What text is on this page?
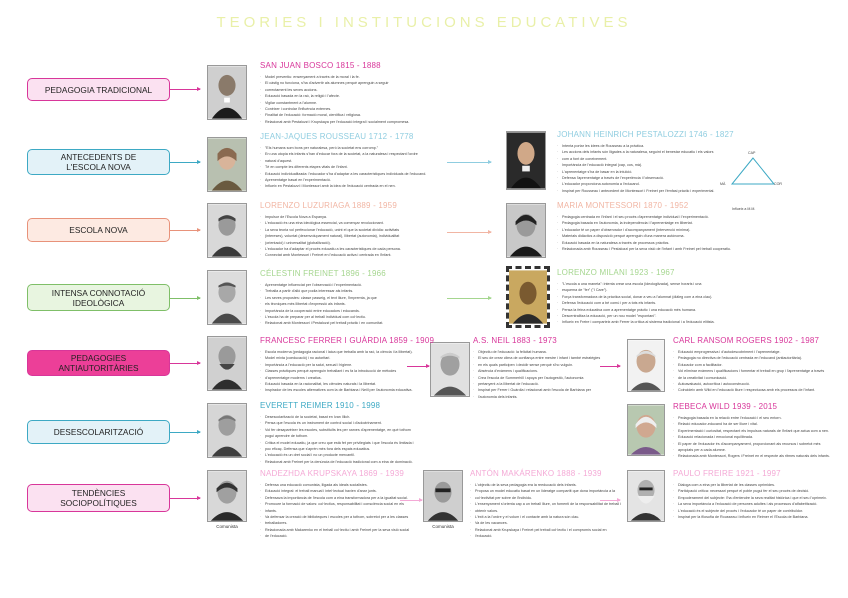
TEORIES I INSTITUCIONS EDUCATIVES
PEDAGOGIA TRADICIONAL
ANTECEDENTS DE L'ESCOLA NOVA
ESCOLA NOVA
INTENSA CONNOTACIÓ IDEOLÒGICA
PEDAGOGIES ANTIAUTORITÀRIES
DESESCOLARITZACIÓ
TENDÈNCIES SOCIOPOLÍTIQUES
Comunista	Comunista
SAN JUAN BOSCO 1815 - 1888
· Model preventiu: ensenyament a través de la moral i la fe.
· El càstig no funciona, s'ha d'advertir als alumnes perquè aprenguin a seguir
· correctament les seves accions.
· Educació basada en la raó, la religió i l'afecte.
· Vigilar constantment a l'alumne.
· Conèixer i controlar l'influència externes.
· Finalitat de l'educació: formació moral, científica i religiosa.
· Relacionat amb Pestalozzi i Krupskaya per l'educació integral i socialment compromesa.
JEAN-JAQUES ROUSSEAU 1712 - 1778
· "Els humans som bons per naturalesa, però la societat ens corromp."
· En una utopia els infants s'han d'educar fora de la societat, a la naturalesa i respectant l'ordre
· natural d'aquest.
· Té en compte les diferents etapes vitals de l'infant.
· Educació individualitzada: l'educador s'ha d'adaptar a les característiques individuals de l'educand.
· Aprenentatge basat en l'experimentació.
· Influeix en Pestalozzi i Montessori amb la idea de l'educació centrada en el nen.
JOHANN HEINRICH PESTALOZZI 1746 - 1827
· Intenta portar les idees de Rousseau a la pràctica.
· Les accions dels infants són lligades a la naturalesa, seguint el benestar educatiu i els valors
· com a font de coneixement.
· Importància de l'educació integral (cap, cos, mà).
· L'aprenentatge s'ha de basar en la intuïció.
· Defensa l'aprenentatge a través de l'experiència i l'observació.
· L'educador proporciona autonomia a l'educand.
· Inspirat per Rousseau i antecedent de Montessori i Freinet per l'èmfasi pràctic i experimental.
LORENZO LUZURIAGA 1889 - 1959
· Impulsor de l'Escola Nova a Espanya.
· L'educació és una eina ideològica essencial, va començar revolucionant.
· La seva teoria vol perfeccionar l'educació, unint el que la societat dividia: activitats
· (intereses), voluntat (desenvolupament natural), llibertat (autonomia), individualitat
· (orientació) i universalitat (globalització).
· L'educador ha d'adaptar el procés educatiu a les característiques de cada persona.
· Connectat amb Montessori i Freinet en l'educació activa i centrada en l'infant.
MARIA MONTESSORI 1870 - 1952
· Pedagogia centrada en l'infant i el seu procés d'aprenentatge individual i l'experimentació.
· Pedagogia basada en l'autonomia, la independència i l'aprenentatge en llibertat.
· L'educador té un paper d'observador i d'acompanyament (intervenció mínima).
· Materials didàctics a disposició perquè aprenguin d'una manera autònoma.
· Educació basada en la naturalesa a través de processos pràctics.
· Relacionada amb Rousseau i Pestalozzi per la seva visió de l'infant i amb Freinet pel treball cooperatiu.
CÉLESTIN FREINET 1896 - 1966
· Aprenentatge influenciat per l'observació i l'experimentació.
· Treballa a partir d'allò que podia interessar als infants.
· Les seves propostes: classe passeig, el text lliure, l'impremta, ja que
· els tècniques més llibertat d'expressió als infants.
· Importància de la cooperació entre educadors i educands.
· L'escola ha de preparar per al treball individual com col·lectiu.
· Relacionat amb Montessori i Pestalozzi pel treball pràctic i en comunitat.
LORENZO MILANI 1923 - 1967
· "L'escola a una maneta": intenta crear una escola (ideologitzada), sense horaris i una
· esquema de "fer" ("I Care").
· Força transformadora de la pràctica social, donar a veu a l'alumnat (diàleg com a eina clau).
· Defensa l'educació com a bé comú i per a tots els infants.
· Pensa la feina educativa com a aprenentatge pràctic i una educació més humana.
· Descentralitza la educació, per un nou model "espontani".
· Influeix en Freire i comparteix amb Ferrer la crítica al sistema tradicional i a l'educació elitista.
FRANCESC FERRER I GUÀRDIA 1859 - 1909
· Escola moderna (pedagogia racional i laica que treballa amb la raó, la ciència i la llibertat).
· Model mixta (coeducació) i no autoritari.
· Importància a l'educació per la salut, sexual i higiene.
· Classes pràctiques perquè aprenguin treballant i es fa la introducció de mètodes
· d'aprenentatge moderns i creatius.
· Educació basada en la racionalitat, les ciències naturals i la llibertat.
· Inspirador de les escoles alternatives com la de Barbiana i Neill per l'autonomia educativa.
A.S. NEIL 1883 - 1973
· Objectiu de l'educació: la felicitat humana.
· El seu de crear clima de confiança entre mestre i infant i també estratègies
· en els quals participen i decidir sense perquè s'ho vulguin.
· Absència d'exàmens i qualificacions.
· Crea l'escola de Summerhill i apoya per l'autogestió, l'autonomia
· pertanyent a la llibertat de l'educació.
· Inspirat per Ferrer i Guàrdia i relacionat amb l'escola de Barbiana per
· l'autonomia dels infants.
CARL RANSOM ROGERS 1902 - 1987
· Educació emprogressiva i d'autodescobriment i l'aprenentatge.
· Pedagogia no directiva de l'educació centrada en l'educand (antiautoritària).
· Educador com a facilitador.
· Vol eliminar exàmens i qualificacions i fomentar el treball en grup i l'aprenentatge a través
· de la creativitat i comunicació.
· Autoavaluació, autocrítica i autoconstrucció.
· Coincideix amb Wild en l'educació lliure i respectuosa amb els processos de l'infant.
REBECA WILD 1939 - 2015
· Pedagogia basada en la relació entre l'educació i el seu entorn.
· Relació educador-educand ha de ser lliure i vital.
· Experimentació i curiositat, respectant els impulsos naturals de l'infant que actua com a nen.
· Educació relacionada i emocional equilibrada.
· El paper de l'educador és d'acompanyament, proporcionant als recursos i sobretot més
· apropiats per a cada alumne.
· Relacionada amb Montessori, Rogers i Freinet en el respecte als ritmes naturals dels infants.
EVERETT REIMER 1910 - 1998
· Desescolarització de la societat, basat en Ivan Illich.
· Pensa que l'escola és un instrument de control social i d'adoctrinament.
· Vol fer desaparèixer les escoles, substituïts les per xarxes d'aprenentatge, en què tothom
· pugui aprendre de tothom.
· Critica el model educatiu, ja que creu que està fet per privilegiats i que l'escola és limitada i
· poc eficaç. Defensa que s'aprèn més fora dels espais educatius.
· L'educació és un dret social i no un producte mercantil.
· Relacionat amb Freinet per la denúncia de l'educació tradicional com a eina de dominació.
NADEZHDA KRUPSKAYA 1869 - 1939
· Defensa una educació comunista, lligada als ideals socialistes.
· Educació integral: el treball manual i intel·lectual havien d'anar junts.
· Defensava la importància de l'escola com a eina transformadora per a la igualtat social.
· Promoure la formació de valors: col·lectius, responsabilitat i consciència social en els
· infants.
· Va defensar la creació de biblioteques i escoles per a tothom, sobretot per a les classes
· treballadores.
· Relacionada amb Makarenko en el treball col·lectiu i amb Freinet per la seva visió social
· de l'educació.
ANTÓN MAKÁRENKO 1888 - 1939
· L'objectiu de la seva pedagogia era la reeducació dels infants.
· Proposa un model educatiu basat en un lideratge compartit que dona importància a la
· col·lectivitat per sobre de l'individu.
· L'ensenyament s'orienta cap a un treball lliure, on fomenti de la responsabilitat de treball i
· obtenir valors.
· L'èxit a la l'ordre y el volum i el contacte amb la natura són clau.
· Va de les vacances.
· Relacionat amb Krupskaya i Freinet pel treball col·lectiu i el compromís social en
· l'educació.
PAULO FREIRE 1921 - 1997
· Dialoga com a eina per la llibertat de les classes oprimides.
· Participació crítica: necessari perquè el poble pugui fer el seu procés de decisió.
· Empoderament del subjecte: l'ha d'entendre la seva realitat històrica i que el seu l'oprimeix.
· La seva importància a l'educació de persones adultes i als processos d'alfabetització.
· L'educació és el subjecte del procés i l'educador té un paper de contribuïdor.
· Inspirat per la filosofia de Rousseau i influeix en Reimer el l'Escola de Barbiana.
CAP
MÀ	COR
Influeix a M.M.
